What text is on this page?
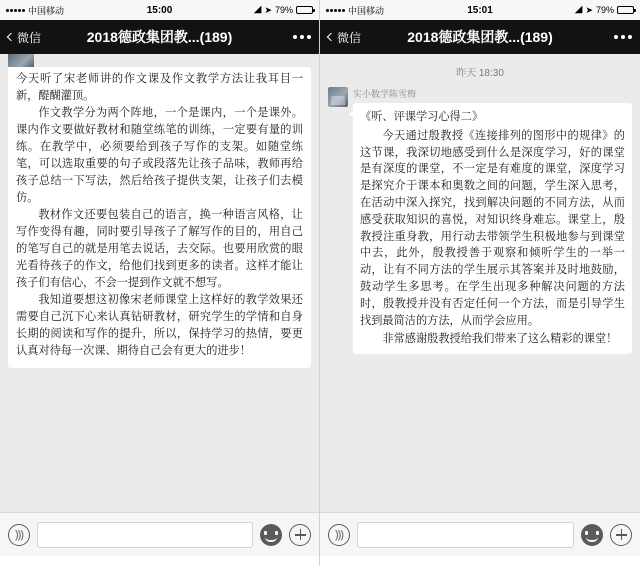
中国移动	15:00	◢ ➤ 79%
微信	2018德政集团教...(189)

今天听了宋老师讲的作文课及作文教学方法让我耳目一新，醍醐灌顶。

作文教学分为两个阵地，一个是课内，一个是课外。课内作文要做好教材和随堂练笔的训练，一定要有量的训练。在教学中，必须要给到孩子写作的支架。如随堂练笔，可以选取重要的句子或段落先让孩子品味，教师再给孩子总结一下写法，然后给孩子提供支架，让孩子们去模仿。

教材作文还要包装自己的语言，换一种语言风格，让写作变得有趣，同时要引导孩子了解写作的目的，用自己的笔写自己的就是用笔去说话，去交际。也要用欣赏的眼光看待孩子的作文，给他们找到更多的读者。这样才能让孩子们有信心，不会一提到作文就不想写。

我知道要想这初像宋老师课堂上这样好的教学效果还需要自己沉下心来认真钻研教材，研究学生的学情和自身长期的阅读和写作的提升，所以，保持学习的热情，要更认真对待每一次课、期待自己会有更大的进步！

)))
中国移动	15:01	◢ ➤ 79%
微信	2018德政集团教...(189)
昨天 18:30
实小数学陈雪梅

《听、评课学习心得二》

今天通过殷教授《连接排列的图形中的规律》的这节课，我深切地感受到什么是深度学习，好的课堂是有深度的课堂，不一定是有难度的课堂，深度学习是探究介于课本和奥数之间的问题，学生深入思考，在活动中深入探究，找到解决问题的不同方法，从而感受获取知识的喜悦，对知识终身难忘。课堂上，殷教授注重身教，用行动去带领学生积极地参与到课堂中去，此外，殷教授善于观察和倾听学生的一举一动，让有不同方法的学生展示其答案并及时地鼓励，鼓动学生多思考。在学生出现多种解决问题的方法时，殷教授并没有否定任何一个方法，而是引导学生找到最简洁的方法，从而学会应用。

非常感谢殷教授给我们带来了这么精彩的课堂！

)))
